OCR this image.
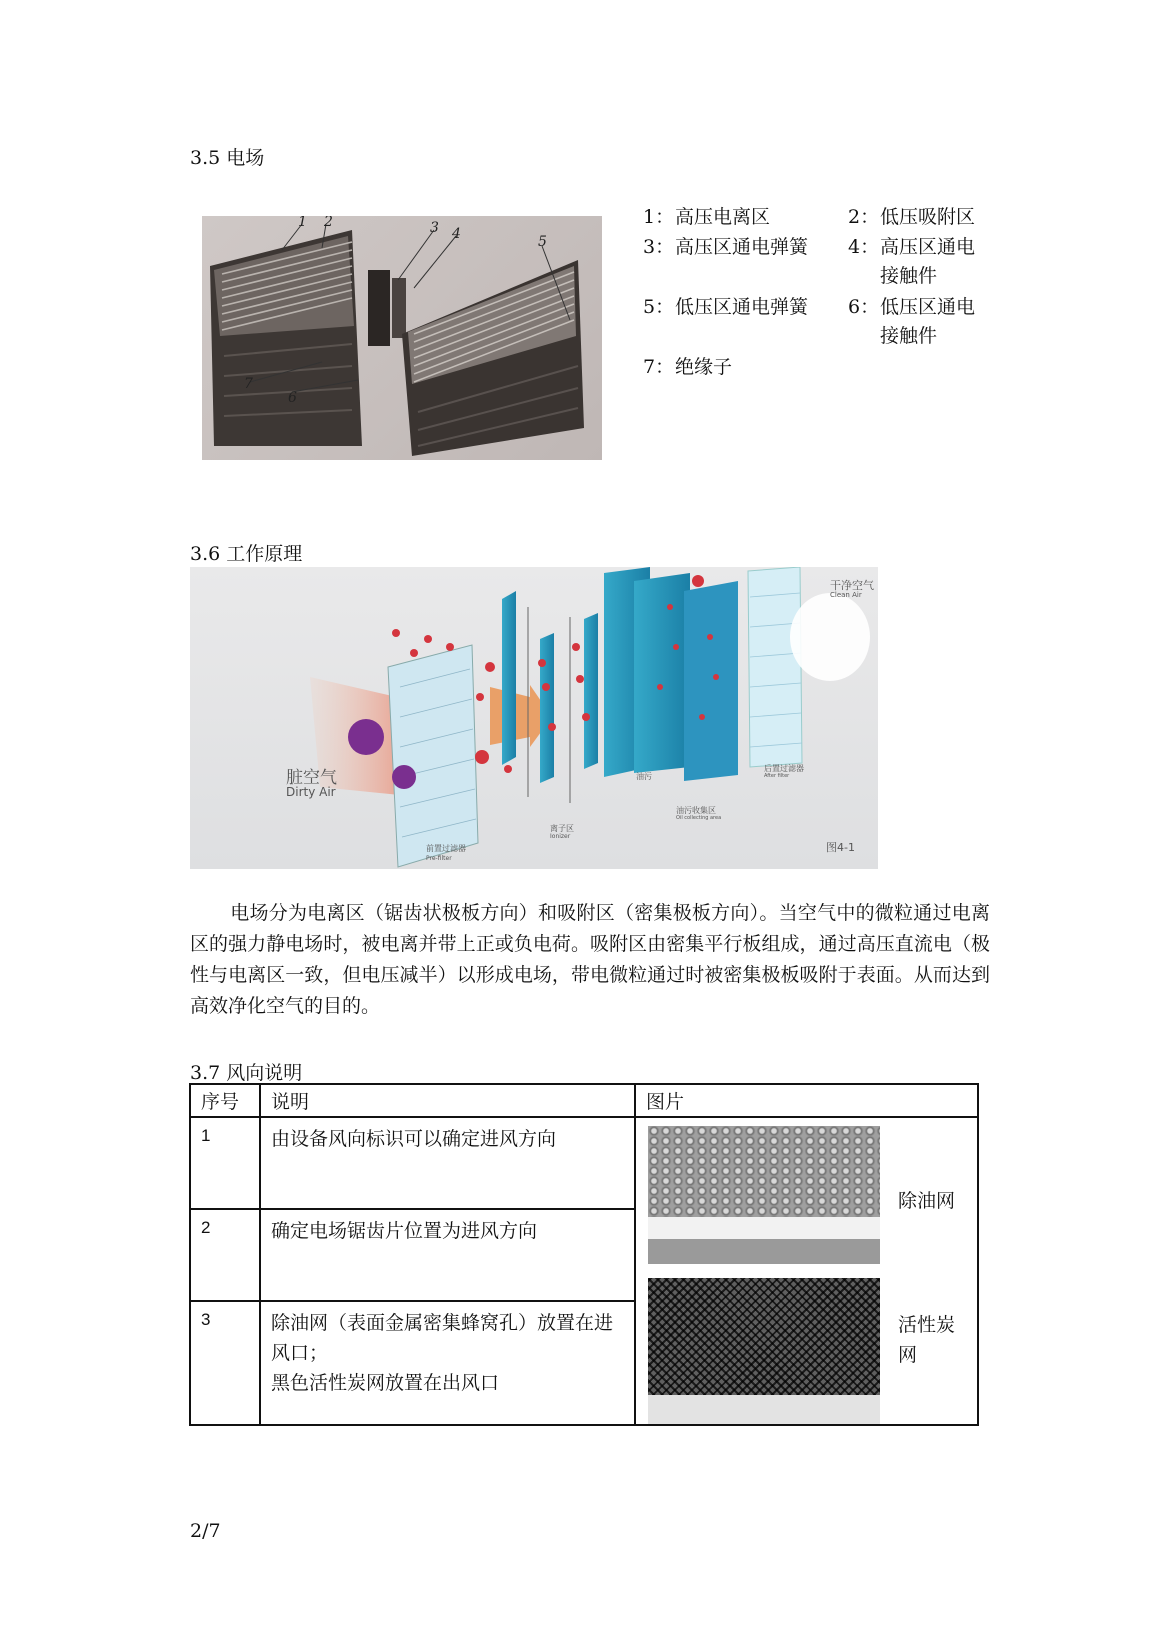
3.5 电场
1 2	3 4	5
6
7
1：高压电离区	2：低压吸附区
3：高压区通电弹簧 4：高压区通电接触件
5：低压区通电弹簧 6：低压区通电接触件
7：绝缘子
3.6 工作原理
脏空气
Dirty Air
干净空气
Clean Air
前置过滤器
Pre-filter
离子区
Ionizer
油污
油污收集区
Oil collecting area
后置过滤器
After filter
图4-1
电场分为电离区（锯齿状极板方向）和吸附区（密集极板方向）。当空气中的微粒通过电离区的强力静电场时，被电离并带上正或负电荷。吸附区由密集平行板组成，通过高压直流电（极性与电离区一致，但电压减半）以形成电场，带电微粒通过时被密集极板吸附于表面。从而达到高效净化空气的目的。
3.7 风向说明
序号	说明	图片
1	由设备风向标识可以确定进风方向	除油网
活性炭网

2	确定电场锯齿片位置为进风方向	
3	除油网（表面金属密集蜂窝孔）放置在进风口；
黑色活性炭网放置在出风口	
2/7
